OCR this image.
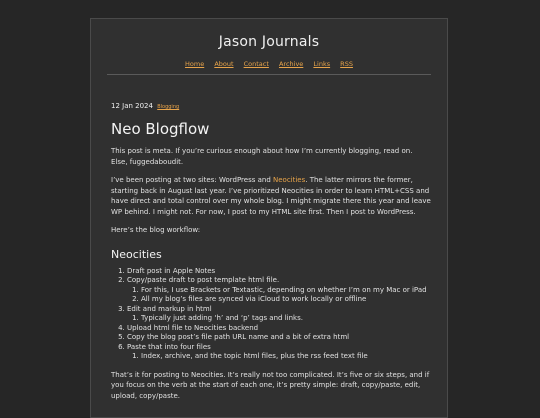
Jason Journals
Home About Contact Archive Links RSS
12 Jan 2024 Blogging
Neo Blogflow

This post is meta. If you’re curious enough about how I’m currently blogging, read on. Else, fuggedaboudit.

I’ve been posting at two sites: WordPress and Neocities. The latter mirrors the former, starting back in August last year. I’ve prioritized Neocities in order to learn HTML+CSS and have direct and total control over my whole blog. I might migrate there this year and leave WP behind. I might not. For now, I post to my HTML site first. Then I post to WordPress.

Here’s the blog workflow:

Neocities
1. Draft post in Apple Notes
2. Copy/paste draft to post template html file.
1. For this, I use Brackets or Textastic, depending on whether I’m on my Mac or iPad
2. All my blog’s files are synced via iCloud to work locally or offline
3. Edit and markup in html
1. Typically just adding ‘h’ and ‘p’ tags and links.
4. Upload html file to Neocities backend
5. Copy the blog post’s file path URL name and a bit of extra html
6. Paste that into four files
1. Index, archive, and the topic html files, plus the rss feed text file

That’s it for posting to Neocities. It’s really not too complicated. It’s five or six steps, and if you focus on the verb at the start of each one, it’s pretty simple: draft, copy/paste, edit, upload, copy/paste.
